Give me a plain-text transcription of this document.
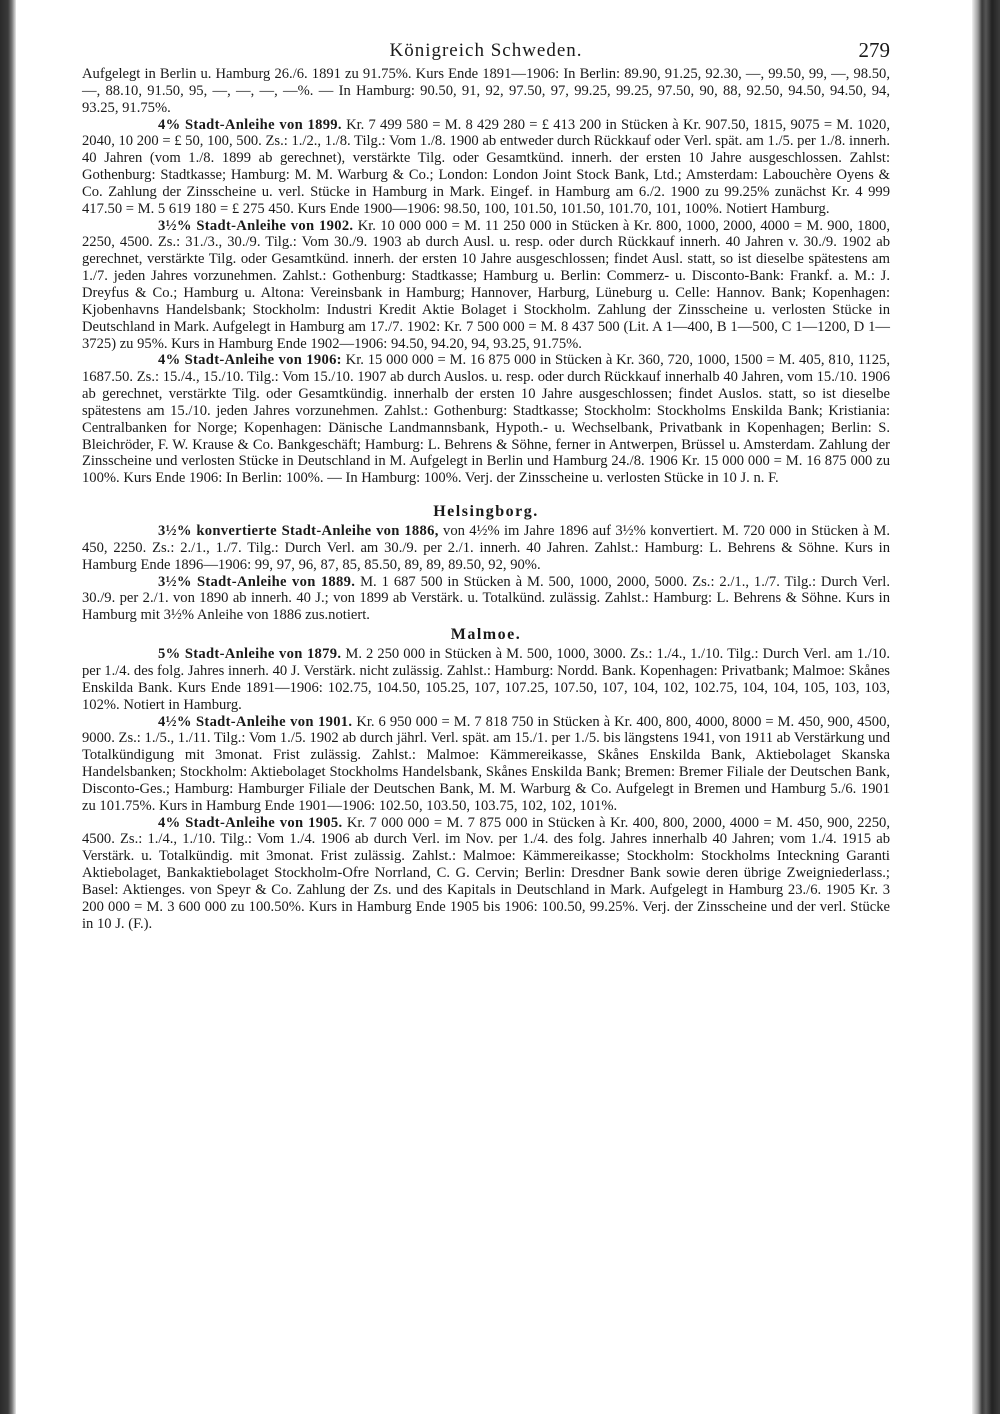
Königreich Schweden.	279

Aufgelegt in Berlin u. Hamburg 26./6. 1891 zu 91.75%. Kurs Ende 1891—1906: In Berlin: 89.90, 91.25, 92.30, —, 99.50, 99, —, 98.50, —, 88.10, 91.50, 95, —, —, —, —%. — In Hamburg: 90.50, 91, 92, 97.50, 97, 99.25, 99.25, 97.50, 90, 88, 92.50, 94.50, 94.50, 94, 93.25, 91.75%.

4% Stadt-Anleihe von 1899. Kr. 7 499 580 = M. 8 429 280 = £ 413 200 in Stücken à Kr. 907.50, 1815, 9075 = M. 1020, 2040, 10 200 = £ 50, 100, 500. Zs.: 1./2., 1./8. Tilg.: Vom 1./8. 1900 ab entweder durch Rückkauf oder Verl. spät. am 1./5. per 1./8. innerh. 40 Jahren (vom 1./8. 1899 ab gerechnet), verstärkte Tilg. oder Gesamtkünd. innerh. der ersten 10 Jahre ausgeschlossen. Zahlst: Gothenburg: Stadtkasse; Hamburg: M. M. Warburg & Co.; London: London Joint Stock Bank, Ltd.; Amsterdam: Labouchère Oyens & Co. Zahlung der Zinsscheine u. verl. Stücke in Hamburg in Mark. Eingef. in Hamburg am 6./2. 1900 zu 99.25% zunächst Kr. 4 999 417.50 = M. 5 619 180 = £ 275 450. Kurs Ende 1900—1906: 98.50, 100, 101.50, 101.50, 101.70, 101, 100%. Notiert Hamburg.

3½% Stadt-Anleihe von 1902. Kr. 10 000 000 = M. 11 250 000 in Stücken à Kr. 800, 1000, 2000, 4000 = M. 900, 1800, 2250, 4500. Zs.: 31./3., 30./9. Tilg.: Vom 30./9. 1903 ab durch Ausl. u. resp. oder durch Rückkauf innerh. 40 Jahren v. 30./9. 1902 ab gerechnet, verstärkte Tilg. oder Gesamtkünd. innerh. der ersten 10 Jahre ausgeschlossen; findet Ausl. statt, so ist dieselbe spätestens am 1./7. jeden Jahres vorzunehmen. Zahlst.: Gothenburg: Stadtkasse; Hamburg u. Berlin: Commerz- u. Disconto-Bank: Frankf. a. M.: J. Dreyfus & Co.; Hamburg u. Altona: Vereinsbank in Hamburg; Hannover, Harburg, Lüneburg u. Celle: Hannov. Bank; Kopenhagen: Kjobenhavns Handelsbank; Stockholm: Industri Kredit Aktie Bolaget i Stockholm. Zahlung der Zinsscheine u. verlosten Stücke in Deutschland in Mark. Aufgelegt in Hamburg am 17./7. 1902: Kr. 7 500 000 = M. 8 437 500 (Lit. A 1—400, B 1—500, C 1—1200, D 1—3725) zu 95%. Kurs in Hamburg Ende 1902—1906: 94.50, 94.20, 94, 93.25, 91.75%.

4% Stadt-Anleihe von 1906: Kr. 15 000 000 = M. 16 875 000 in Stücken à Kr. 360, 720, 1000, 1500 = M. 405, 810, 1125, 1687.50. Zs.: 15./4., 15./10. Tilg.: Vom 15./10. 1907 ab durch Auslos. u. resp. oder durch Rückkauf innerhalb 40 Jahren, vom 15./10. 1906 ab gerechnet, verstärkte Tilg. oder Gesamtkündig. innerhalb der ersten 10 Jahre ausgeschlossen; findet Auslos. statt, so ist dieselbe spätestens am 15./10. jeden Jahres vorzunehmen. Zahlst.: Gothenburg: Stadtkasse; Stockholm: Stockholms Enskilda Bank; Kristiania: Centralbanken for Norge; Kopenhagen: Dänische Landmannsbank, Hypoth.- u. Wechselbank, Privatbank in Kopenhagen; Berlin: S. Bleichröder, F. W. Krause & Co. Bankgeschäft; Hamburg: L. Behrens & Söhne, ferner in Antwerpen, Brüssel u. Amsterdam. Zahlung der Zinsscheine und verlosten Stücke in Deutschland in M. Aufgelegt in Berlin und Hamburg 24./8. 1906 Kr. 15 000 000 = M. 16 875 000 zu 100%. Kurs Ende 1906: In Berlin: 100%. — In Hamburg: 100%. Verj. der Zinsscheine u. verlosten Stücke in 10 J. n. F.

Helsingborg.

3½% konvertierte Stadt-Anleihe von 1886, von 4½% im Jahre 1896 auf 3½% konvertiert. M. 720 000 in Stücken à M. 450, 2250. Zs.: 2./1., 1./7. Tilg.: Durch Verl. am 30./9. per 2./1. innerh. 40 Jahren. Zahlst.: Hamburg: L. Behrens & Söhne. Kurs in Hamburg Ende 1896—1906: 99, 97, 96, 87, 85, 85.50, 89, 89, 89.50, 92, 90%.

3½% Stadt-Anleihe von 1889. M. 1 687 500 in Stücken à M. 500, 1000, 2000, 5000. Zs.: 2./1., 1./7. Tilg.: Durch Verl. 30./9. per 2./1. von 1890 ab innerh. 40 J.; von 1899 ab Verstärk. u. Totalkünd. zulässig. Zahlst.: Hamburg: L. Behrens & Söhne. Kurs in Hamburg mit 3½% Anleihe von 1886 zus.notiert.

Malmoe.

5% Stadt-Anleihe von 1879. M. 2 250 000 in Stücken à M. 500, 1000, 3000. Zs.: 1./4., 1./10. Tilg.: Durch Verl. am 1./10. per 1./4. des folg. Jahres innerh. 40 J. Verstärk. nicht zulässig. Zahlst.: Hamburg: Nordd. Bank. Kopenhagen: Privatbank; Malmoe: Skånes Enskilda Bank. Kurs Ende 1891—1906: 102.75, 104.50, 105.25, 107, 107.25, 107.50, 107, 104, 102, 102.75, 104, 104, 105, 103, 103, 102%. Notiert in Hamburg.

4½% Stadt-Anleihe von 1901. Kr. 6 950 000 = M. 7 818 750 in Stücken à Kr. 400, 800, 4000, 8000 = M. 450, 900, 4500, 9000. Zs.: 1./5., 1./11. Tilg.: Vom 1./5. 1902 ab durch jährl. Verl. spät. am 15./1. per 1./5. bis längstens 1941, von 1911 ab Verstärkung und Totalkündigung mit 3monat. Frist zulässig. Zahlst.: Malmoe: Kämmereikasse, Skånes Enskilda Bank, Aktiebolaget Skanska Handelsbanken; Stockholm: Aktiebolaget Stockholms Handelsbank, Skånes Enskilda Bank; Bremen: Bremer Filiale der Deutschen Bank, Disconto-Ges.; Hamburg: Hamburger Filiale der Deutschen Bank, M. M. Warburg & Co. Aufgelegt in Bremen und Hamburg 5./6. 1901 zu 101.75%. Kurs in Hamburg Ende 1901—1906: 102.50, 103.50, 103.75, 102, 102, 101%.

4% Stadt-Anleihe von 1905. Kr. 7 000 000 = M. 7 875 000 in Stücken à Kr. 400, 800, 2000, 4000 = M. 450, 900, 2250, 4500. Zs.: 1./4., 1./10. Tilg.: Vom 1./4. 1906 ab durch Verl. im Nov. per 1./4. des folg. Jahres innerhalb 40 Jahren; vom 1./4. 1915 ab Verstärk. u. Totalkündig. mit 3monat. Frist zulässig. Zahlst.: Malmoe: Kämmereikasse; Stockholm: Stockholms Inteckning Garanti Aktiebolaget, Bankaktiebolaget Stockholm-Ofre Norrland, C. G. Cervin; Berlin: Dresdner Bank sowie deren übrige Zweigniederlass.; Basel: Aktienges. von Speyr & Co. Zahlung der Zs. und des Kapitals in Deutschland in Mark. Aufgelegt in Hamburg 23./6. 1905 Kr. 3 200 000 = M. 3 600 000 zu 100.50%. Kurs in Hamburg Ende 1905 bis 1906: 100.50, 99.25%. Verj. der Zinsscheine und der verl. Stücke in 10 J. (F.).
